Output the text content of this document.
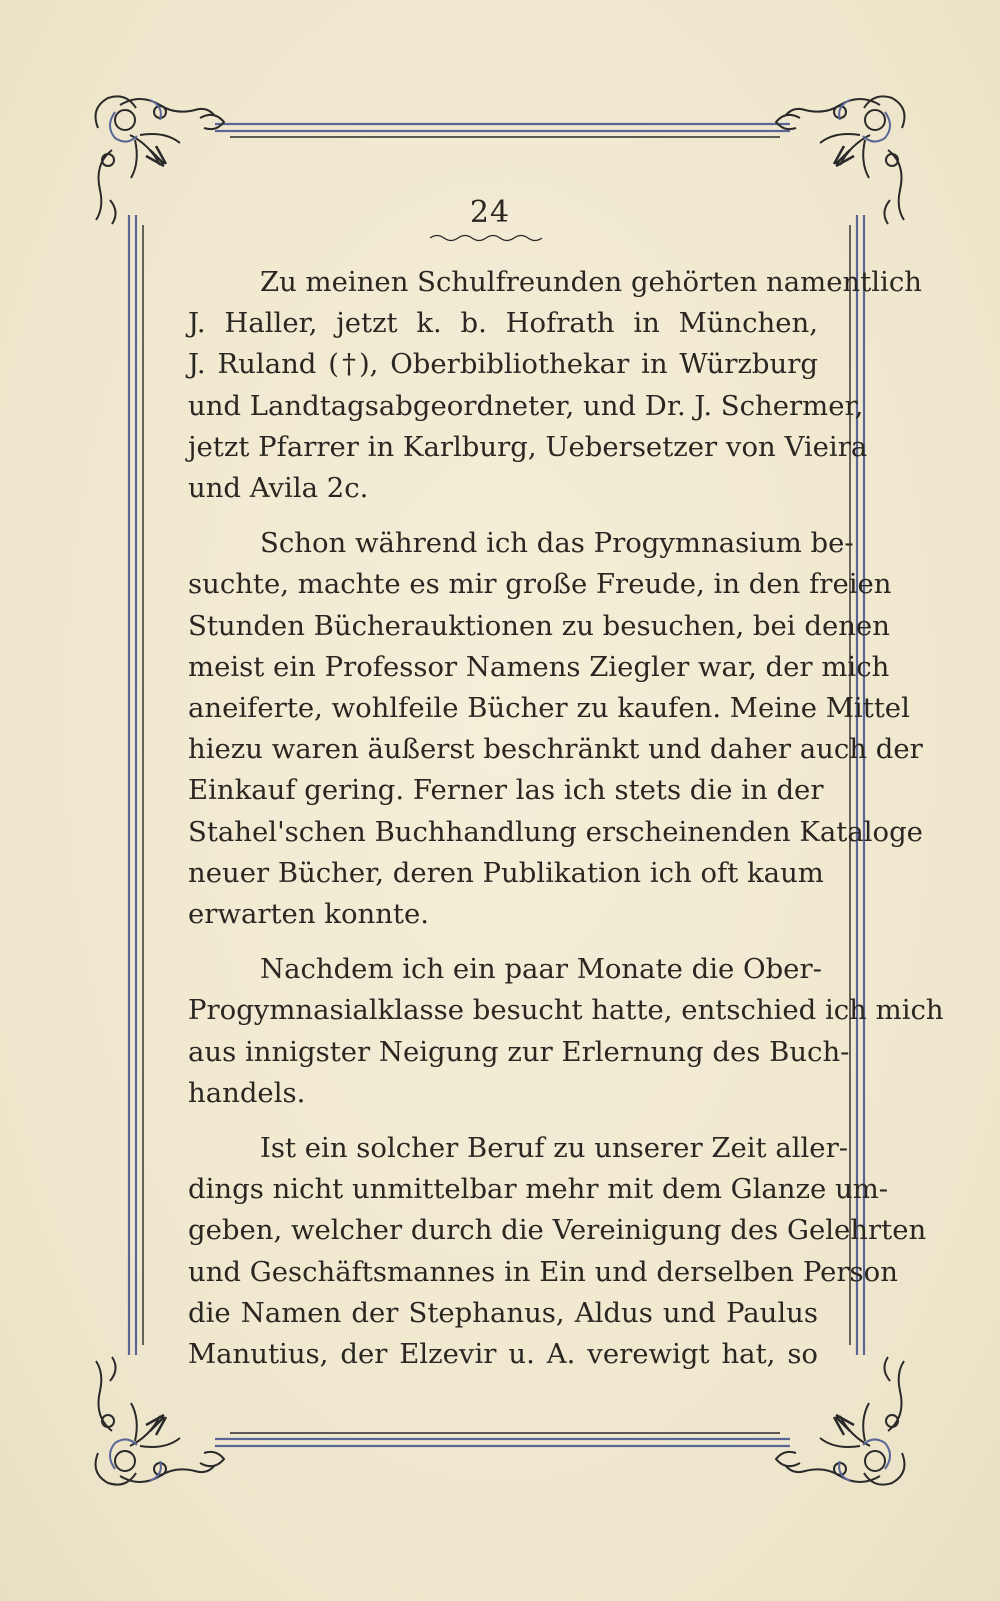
24

Zu meinen Schulfreunden gehörten namentlich
J. Haller, jetzt k. b. Hofrath in München,
J. Ruland (†), Oberbibliothekar in Würzburg
und Landtagsabgeordneter, und Dr. J. Schermer,
jetzt Pfarrer in Karlburg, Uebersetzer von Vieira
und Avila 2c.

Schon während ich das Progymnasium be-
suchte, machte es mir große Freude, in den freien
Stunden Bücherauktionen zu besuchen, bei denen
meist ein Professor Namens Ziegler war, der mich
aneiferte, wohlfeile Bücher zu kaufen. Meine Mittel
hiezu waren äußerst beschränkt und daher auch der
Einkauf gering. Ferner las ich stets die in der
Stahel'schen Buchhandlung erscheinenden Kataloge
neuer Bücher, deren Publikation ich oft kaum
erwarten konnte.

Nachdem ich ein paar Monate die Ober-
Progymnasialklasse besucht hatte, entschied ich mich
aus innigster Neigung zur Erlernung des Buch-
handels.

Ist ein solcher Beruf zu unserer Zeit aller-
dings nicht unmittelbar mehr mit dem Glanze um-
geben, welcher durch die Vereinigung des Gelehrten
und Geschäftsmannes in Ein und derselben Person
die Namen der Stephanus, Aldus und Paulus
Manutius, der Elzevir u. A. verewigt hat, so
